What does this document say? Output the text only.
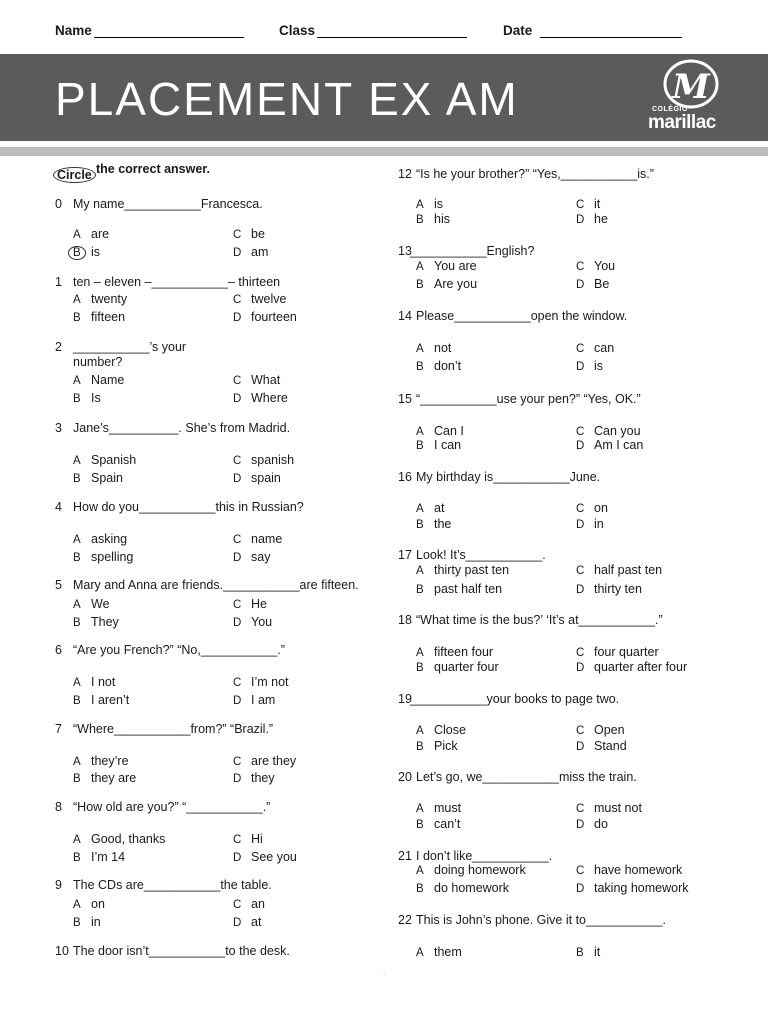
Name	Class	Date
PLACEMENT EX AM	M
COLÉGIO
marillac
Circle the correct answer.
0 My name___________Francesca.
A are
B is
C be
D am
1 ten – eleven –___________– thirteen
A twenty
B fifteen
C twelve
D fourteen
2 ___________’s your
number?
A Name
B Is
C What
D Where
3 Jane’s__________. She’s from Madrid.
A Spanish
B Spain
C spanish
D spain
4 How do you___________this in Russian?
A asking
B spelling
C name
D say
5 Mary and Anna are friends.___________are fifteen.
A We
B They
C He
D You
6 “Are you French?” “No,___________.”
A I not
B I aren’t
C I’m not
D I am
7 “Where___________from?” “Brazil.”
A they’re
B they are
C are they
D they
8 “How old are you?” “___________.”
A Good, thanks
B I’m 14
C Hi
D See you
9 The CDs are___________the table.
A on
B in
C an
D at
10 The door isn’t___________to the desk.
12 “Is he your brother?” “Yes,___________is.”
A is
B his
C it
D he
13
___________English?
A You are
B Are you
C You
D Be
14 Please___________open the window.
A not
B don’t
C can
D is
15 “___________use your pen?” “Yes, OK.”
A Can I
B I can
C Can you
D Am I can
16 My birthday is___________June.
A at
B the
C on
D in
17 Look! It’s___________.
A thirty past ten
B past half ten
C half past ten
D thirty ten
18 “What time is the bus?’ ‘It’s at___________.”
A fifteen four
B quarter four
C four quarter
D quarter after four
19
___________your books to page two.
A Close
B Pick
C Open
D Stand
20 Let’s go, we___________miss the train.
A must
B can’t
C must not
D do
21 I don’t like___________.
A doing homework
B do homework
C have homework
D taking homework
22 This is John’s phone. Give it to___________.
A them	B it
.
